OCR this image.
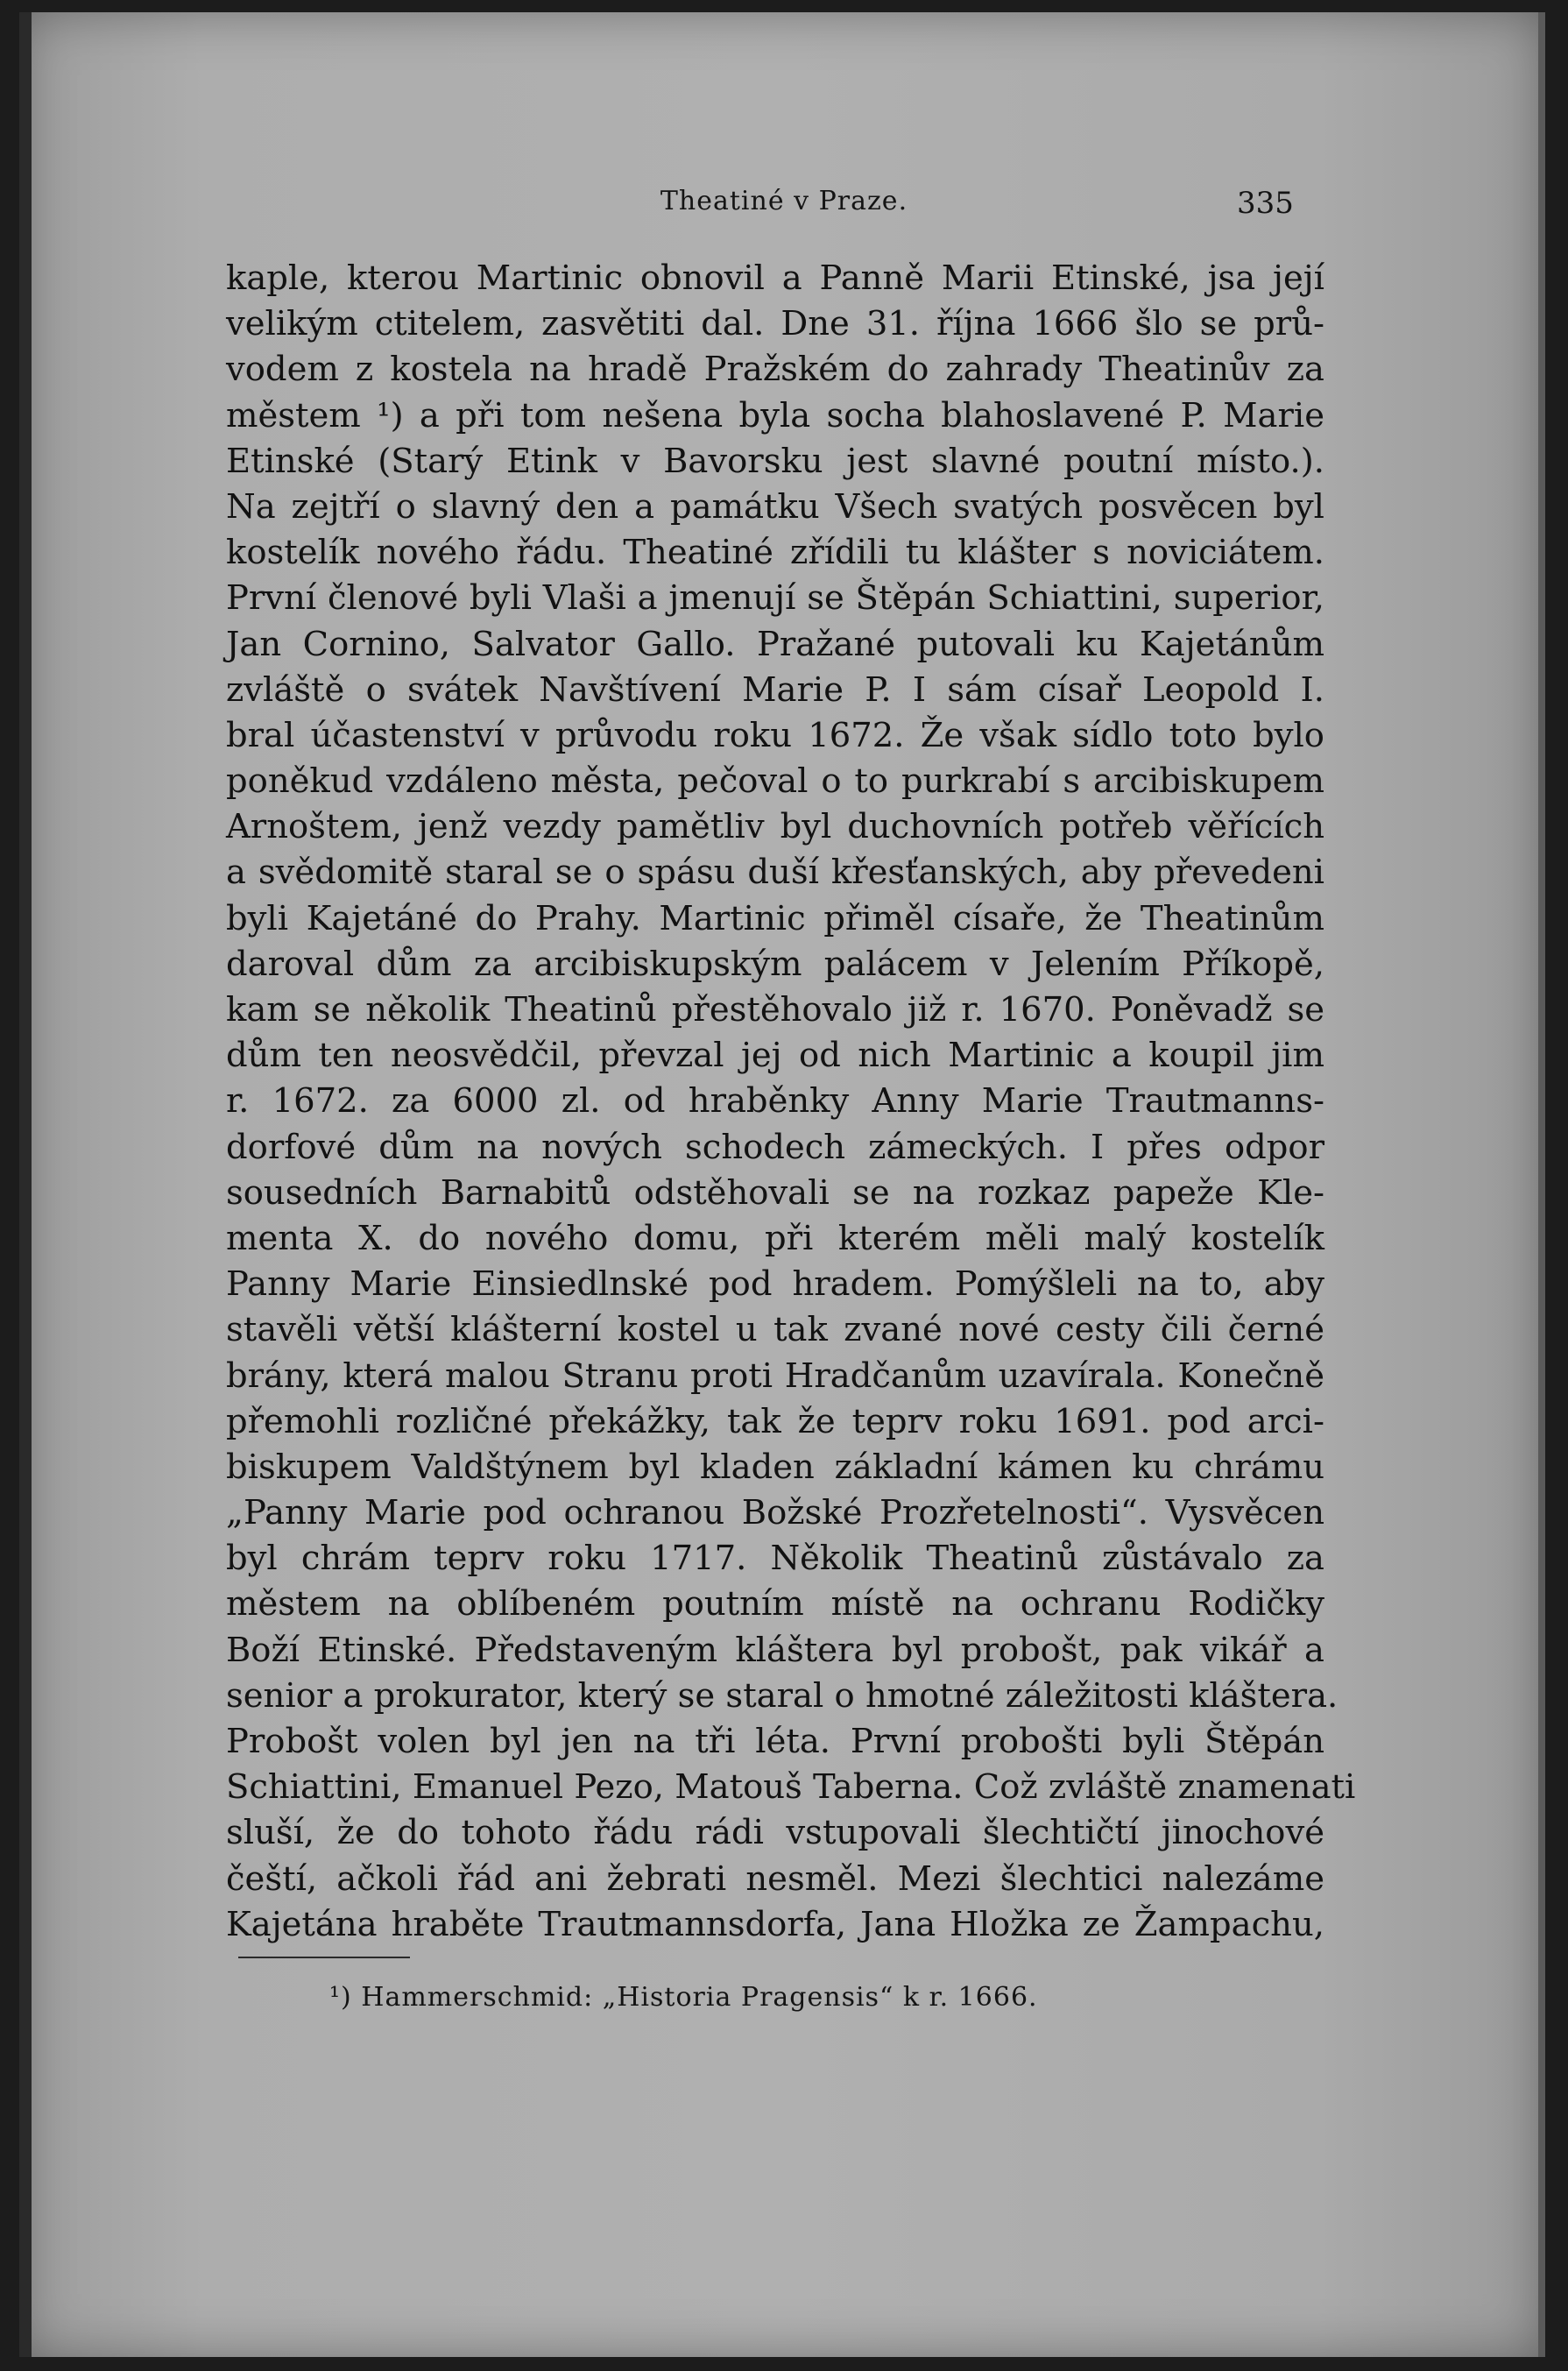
Theatiné v Praze.	335
kaple, kterou Martinic obnovil a Panně Marii Etinské, jsa její
velikým ctitelem, zasvětiti dal. Dne 31. října 1666 šlo se prů-
vodem z kostela na hradě Pražském do zahrady Theatinův za
městem ¹) a při tom nešena byla socha blahoslavené P. Marie
Etinské (Starý Etink v Bavorsku jest slavné poutní místo.).
Na zejtří o slavný den a památku Všech svatých posvěcen byl
kostelík nového řádu. Theatiné zřídili tu klášter s noviciátem.
První členové byli Vlaši a jmenují se Štěpán Schiattini, superior,
Jan Cornino, Salvator Gallo. Pražané putovali ku Kajetánům
zvláště o svátek Navštívení Marie P. I sám císař Leopold I.
bral účastenství v průvodu roku 1672. Že však sídlo toto bylo
poněkud vzdáleno města, pečoval o to purkrabí s arcibiskupem
Arnoštem, jenž vezdy pamětliv byl duchovních potřeb věřících
a svědomitě staral se o spásu duší křesťanských, aby převedeni
byli Kajetáné do Prahy. Martinic přiměl císaře, že Theatinům
daroval dům za arcibiskupským palácem v Jelením Příkopě,
kam se několik Theatinů přestěhovalo již r. 1670. Poněvadž se
dům ten neosvědčil, převzal jej od nich Martinic a koupil jim
r. 1672. za 6000 zl. od hraběnky Anny Marie Trautmanns-
dorfové dům na nových schodech zámeckých. I přes odpor
sousedních Barnabitů odstěhovali se na rozkaz papeže Kle-
menta X. do nového domu, při kterém měli malý kostelík
Panny Marie Einsiedlnské pod hradem. Pomýšleli na to, aby
stavěli větší klášterní kostel u tak zvané nové cesty čili černé
brány, která malou Stranu proti Hradčanům uzavírala. Konečně
přemohli rozličné překážky, tak že teprv roku 1691. pod arci-
biskupem Valdštýnem byl kladen základní kámen ku chrámu
„Panny Marie pod ochranou Božské Prozřetelnosti“. Vysvěcen
byl chrám teprv roku 1717. Několik Theatinů zůstávalo za
městem na oblíbeném poutním místě na ochranu Rodičky
Boží Etinské. Představeným kláštera byl probošt, pak vikář a
senior a prokurator, který se staral o hmotné záležitosti kláštera.
Probošt volen byl jen na tři léta. První probošti byli Štěpán
Schiattini, Emanuel Pezo, Matouš Taberna. Což zvláště znamenati
sluší, že do tohoto řádu rádi vstupovali šlechtičtí jinochové
čeští, ačkoli řád ani žebrati nesměl. Mezi šlechtici nalezáme
Kajetána hraběte Trautmannsdorfa, Jana Hložka ze Žampachu,
¹) Hammerschmid: „Historia Pragensis“ k r. 1666.
